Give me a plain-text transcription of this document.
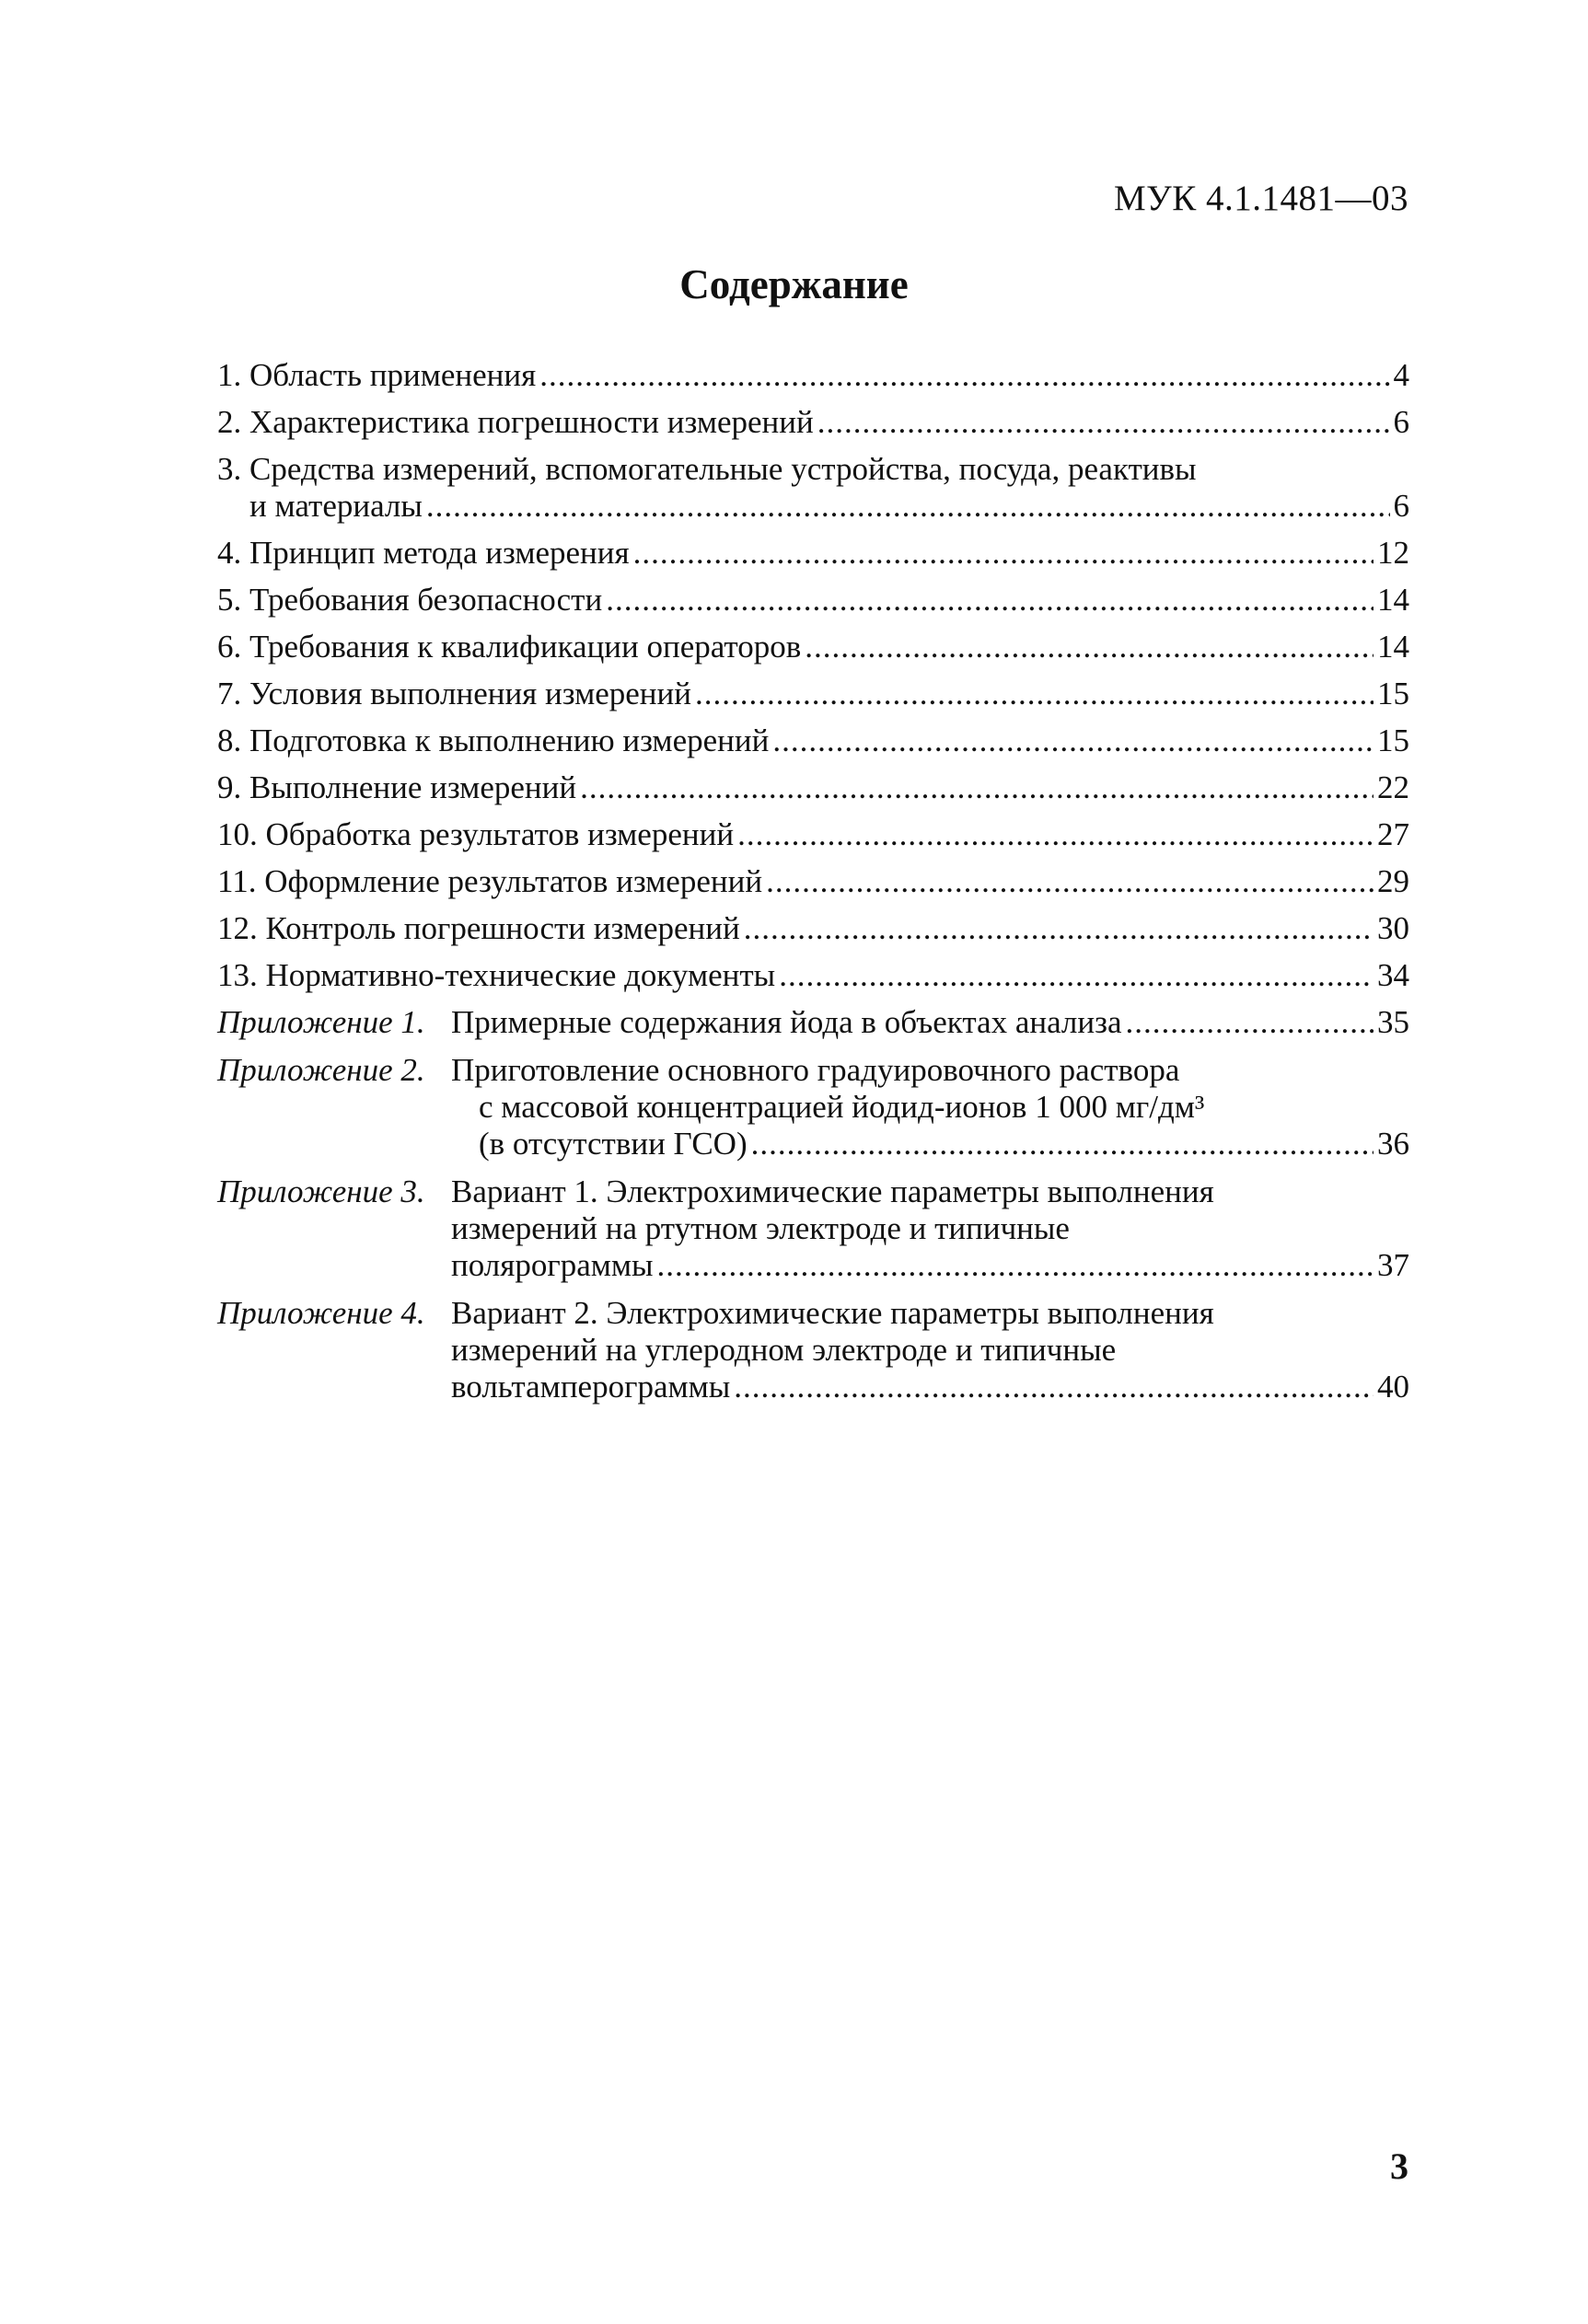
МУК 4.1.1481—03
Содержание
1. Область применения .....	4
2. Характеристика погрешности измерений .....	6
3. Средства измерений, вспомогательные устройства, посуда, реактивы
и материалы .....	6
4. Принцип метода измерения .....	12
5. Требования безопасности .....	14
6. Требования к квалификации операторов .....	14
7. Условия выполнения измерений .....	15
8. Подготовка к выполнению измерений .....	15
9. Выполнение измерений .....	22
10. Обработка результатов измерений .....	27
11. Оформление результатов измерений .....	29
12. Контроль погрешности измерений .....	30
13. Нормативно-технические документы .....	34
Приложение 1. Примерные содержания йода в объектах анализа .....	35
Приложение 2. Приготовление основного градуировочного раствора
с массовой концентрацией йодид-ионов 1 000 мг/дм³
(в отсутствии ГСО) .....	36
Приложение 3. Вариант 1. Электрохимические параметры выполнения
измерений на ртутном электроде и типичные
полярограммы .....	37
Приложение 4. Вариант 2. Электрохимические параметры выполнения
измерений на углеродном электроде и типичные
вольтамперограммы .....	40
3
